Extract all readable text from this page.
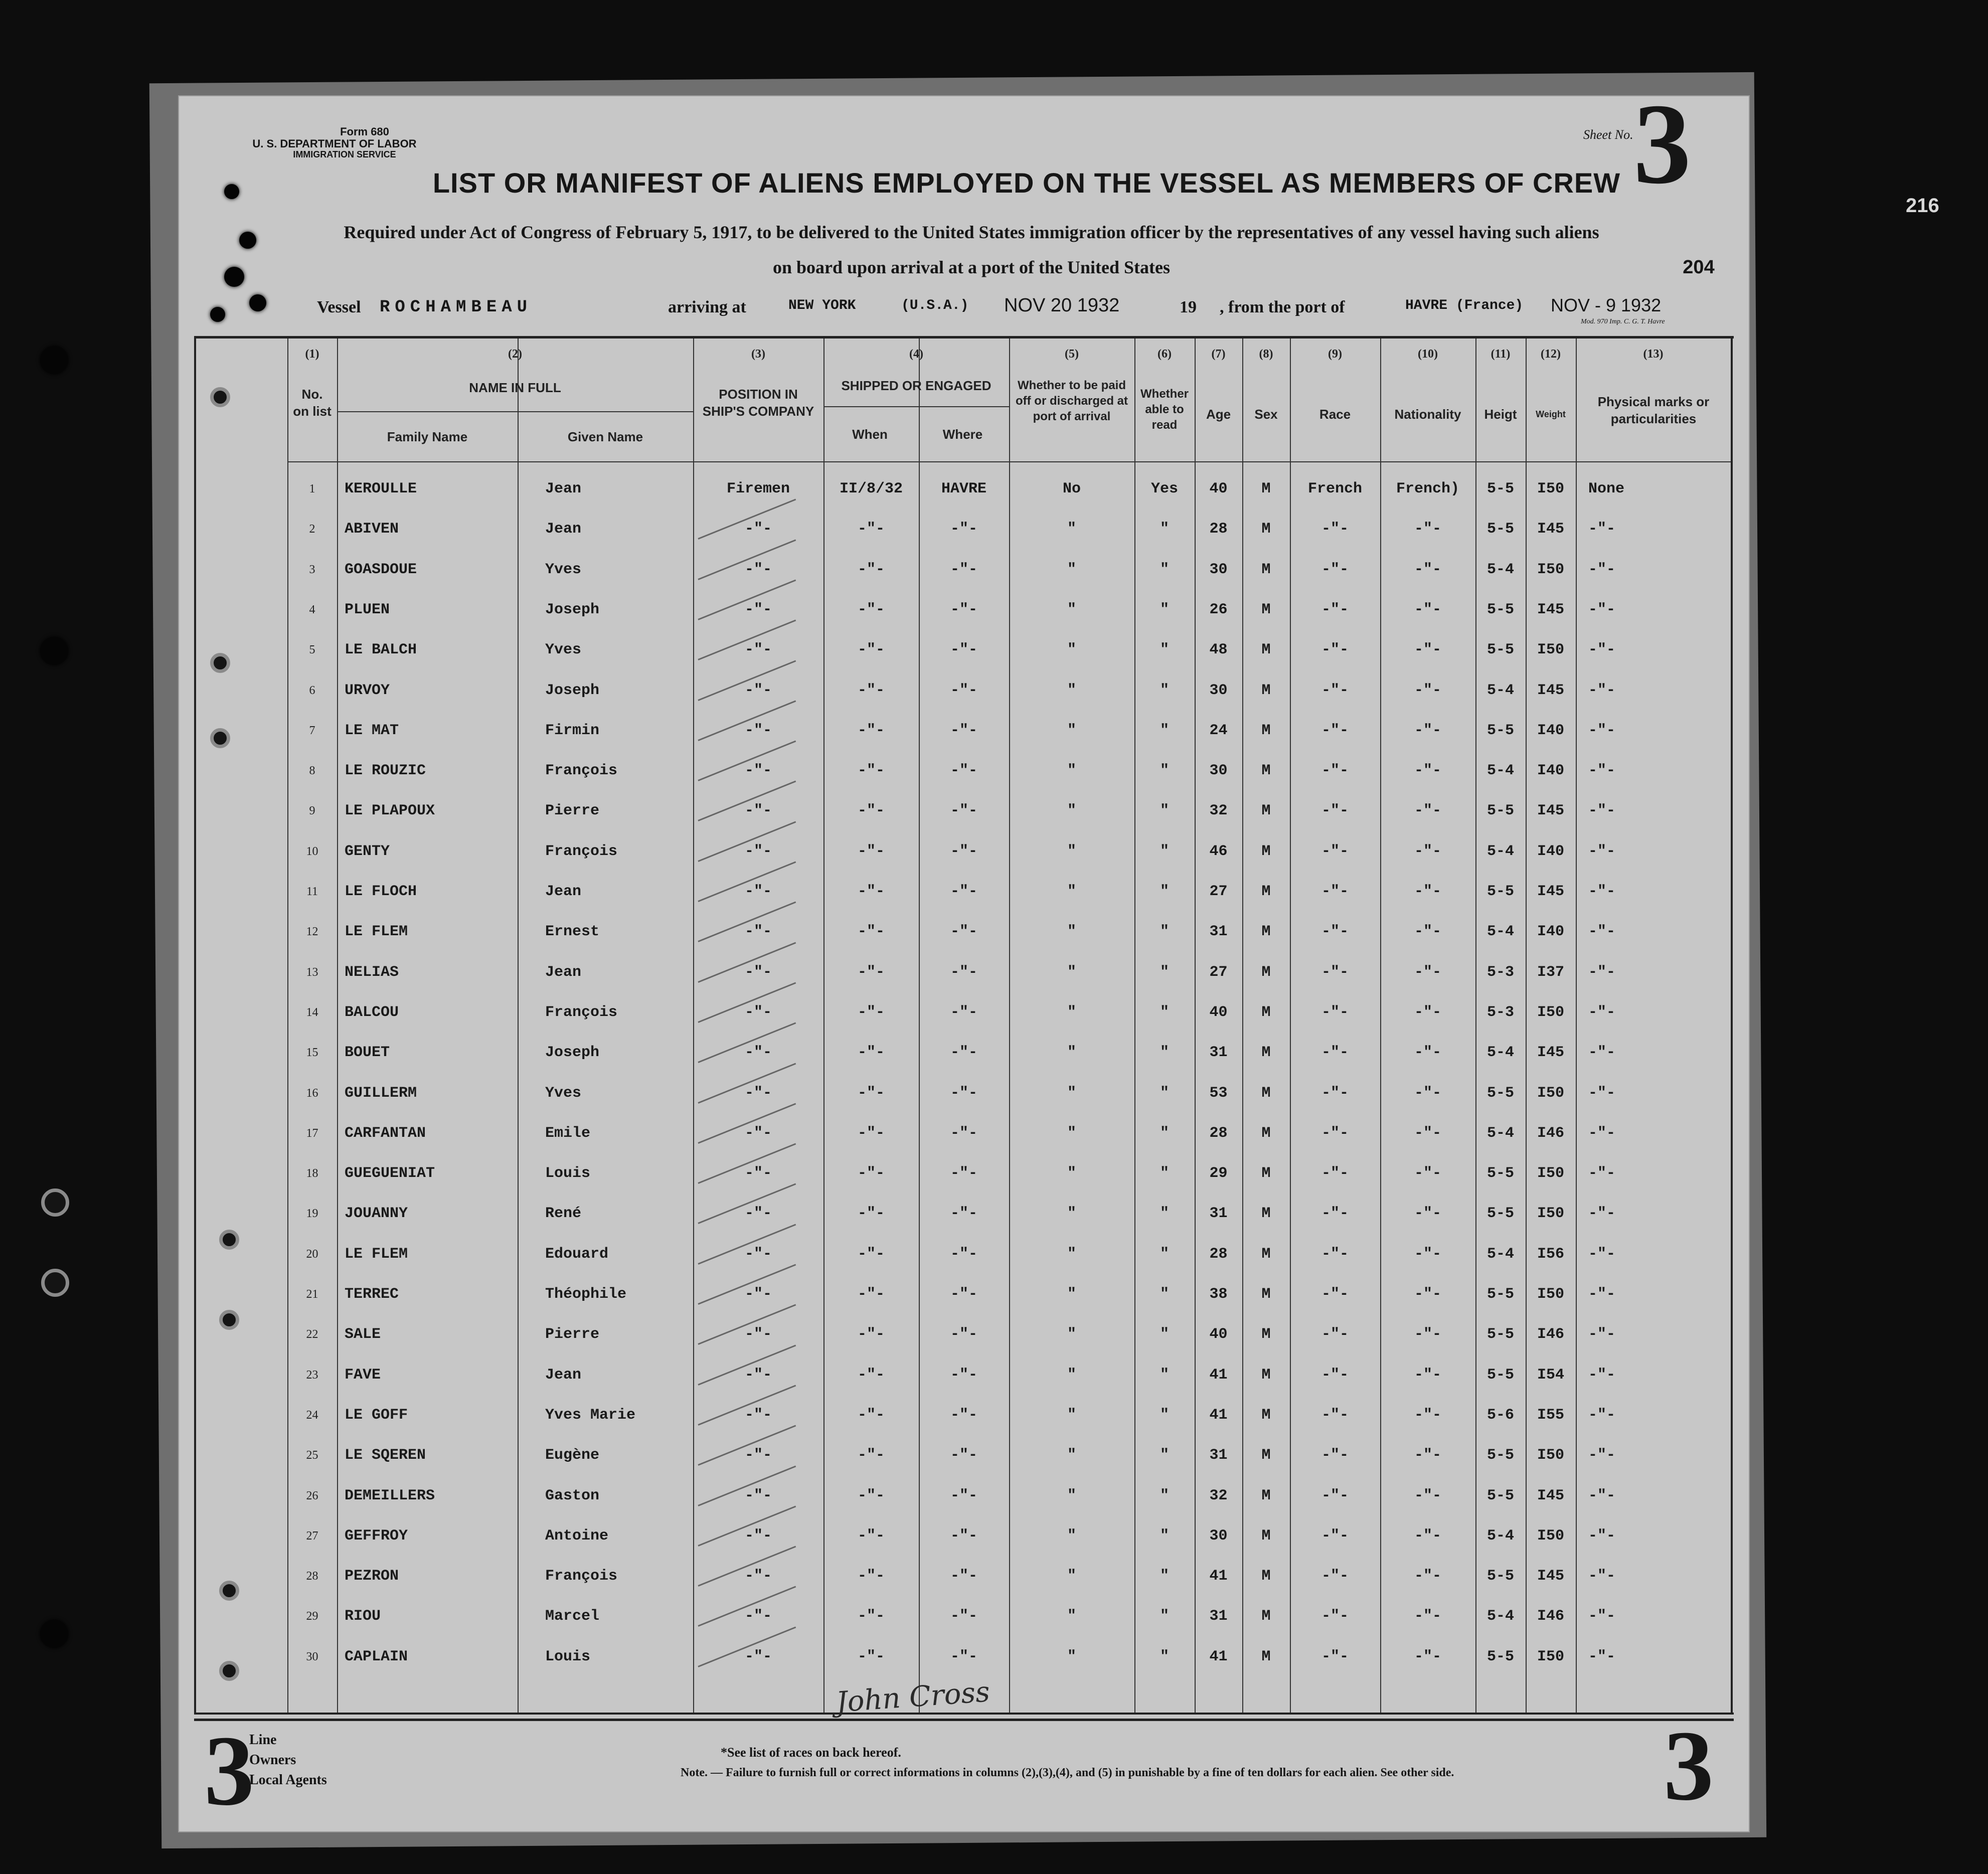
216
Form 680
U. S. DEPARTMENT OF LABOR
IMMIGRATION SERVICE
Sheet No. 3
LIST OR MANIFEST OF ALIENS EMPLOYED ON THE VESSEL AS MEMBERS OF CREW
Required under Act of Congress of February 5, 1917, to be delivered to the United States immigration officer by the representatives of any vessel having such aliens
on board upon arrival at a port of the United States	204
Vessel ROCHAMBEAU	arriving at	NEW YORK	(U.S.A.) NOV 20 1932	19 , from the port of	HAVRE (France) NOV - 9 1932
Mod. 970 Imp. C. G. T. Havre
(1)	(2)	(3)	(4)	(5)	(6)	(7)	(8)	(9)	(10)	(11)	(12)	(13)
No. on list
NAME IN FULL
Family Name	Given Name
POSITION IN SHIP'S COMPANY
SHIPPED OR ENGAGED
When	Where
Whether to be paid off or discharged at port of arrival
Whether able to read
Age	Sex	Race	Nationality	Heigt	Weight
Physical marks or particularities
1	KEROULLE	Jean	Firemen	II/8/32	HAVRE	No	Yes	40	M	French	French)	5-5	I50	None
2	ABIVEN	Jean	-"-	-"-	-"-	"	"	28	M	-"-	-"-	5-5	I45	-"-
3	GOASDOUE	Yves	-"-	-"-	-"-	"	"	30	M	-"-	-"-	5-4	I50	-"-
4	PLUEN	Joseph	-"-	-"-	-"-	"	"	26	M	-"-	-"-	5-5	I45	-"-
5	LE BALCH	Yves	-"-	-"-	-"-	"	"	48	M	-"-	-"-	5-5	I50	-"-
6	URVOY	Joseph	-"-	-"-	-"-	"	"	30	M	-"-	-"-	5-4	I45	-"-
7	LE MAT	Firmin	-"-	-"-	-"-	"	"	24	M	-"-	-"-	5-5	I40	-"-
8	LE ROUZIC	François	-"-	-"-	-"-	"	"	30	M	-"-	-"-	5-4	I40	-"-
9	LE PLAPOUX	Pierre	-"-	-"-	-"-	"	"	32	M	-"-	-"-	5-5	I45	-"-
10	GENTY	François	-"-	-"-	-"-	"	"	46	M	-"-	-"-	5-4	I40	-"-
11	LE FLOCH	Jean	-"-	-"-	-"-	"	"	27	M	-"-	-"-	5-5	I45	-"-
12	LE FLEM	Ernest	-"-	-"-	-"-	"	"	31	M	-"-	-"-	5-4	I40	-"-
13	NELIAS	Jean	-"-	-"-	-"-	"	"	27	M	-"-	-"-	5-3	I37	-"-
14	BALCOU	François	-"-	-"-	-"-	"	"	40	M	-"-	-"-	5-3	I50	-"-
15	BOUET	Joseph	-"-	-"-	-"-	"	"	31	M	-"-	-"-	5-4	I45	-"-
16	GUILLERM	Yves	-"-	-"-	-"-	"	"	53	M	-"-	-"-	5-5	I50	-"-
17	CARFANTAN	Emile	-"-	-"-	-"-	"	"	28	M	-"-	-"-	5-4	I46	-"-
18	GUEGUENIAT	Louis	-"-	-"-	-"-	"	"	29	M	-"-	-"-	5-5	I50	-"-
19	JOUANNY	René	-"-	-"-	-"-	"	"	31	M	-"-	-"-	5-5	I50	-"-
20	LE FLEM	Edouard	-"-	-"-	-"-	"	"	28	M	-"-	-"-	5-4	I56	-"-
21	TERREC	Théophile	-"-	-"-	-"-	"	"	38	M	-"-	-"-	5-5	I50	-"-
22	SALE	Pierre	-"-	-"-	-"-	"	"	40	M	-"-	-"-	5-5	I46	-"-
23	FAVE	Jean	-"-	-"-	-"-	"	"	41	M	-"-	-"-	5-5	I54	-"-
24	LE GOFF	Yves Marie	-"-	-"-	-"-	"	"	41	M	-"-	-"-	5-6	I55	-"-
25	LE SQEREN	Eugène	-"-	-"-	-"-	"	"	31	M	-"-	-"-	5-5	I50	-"-
26	DEMEILLERS	Gaston	-"-	-"-	-"-	"	"	32	M	-"-	-"-	5-5	I45	-"-
27	GEFFROY	Antoine	-"-	-"-	-"-	"	"	30	M	-"-	-"-	5-4	I50	-"-
28	PEZRON	François	-"-	-"-	-"-	"	"	41	M	-"-	-"-	5-5	I45	-"-
29	RIOU	Marcel	-"-	-"-	-"-	"	"	31	M	-"-	-"-	5-4	I46	-"-
30	CAPLAIN	Louis	-"-	-"-	-"-	"	"	41	M	-"-	-"-	5-5	I50	-"-
John Cross
Line
Owners
Local Agents
3	3
*See list of races on back hereof.
Note. — Failure to furnish full or correct informations in columns (2),(3),(4), and (5) in punishable by a fine of ten dollars for each alien. See other side.
